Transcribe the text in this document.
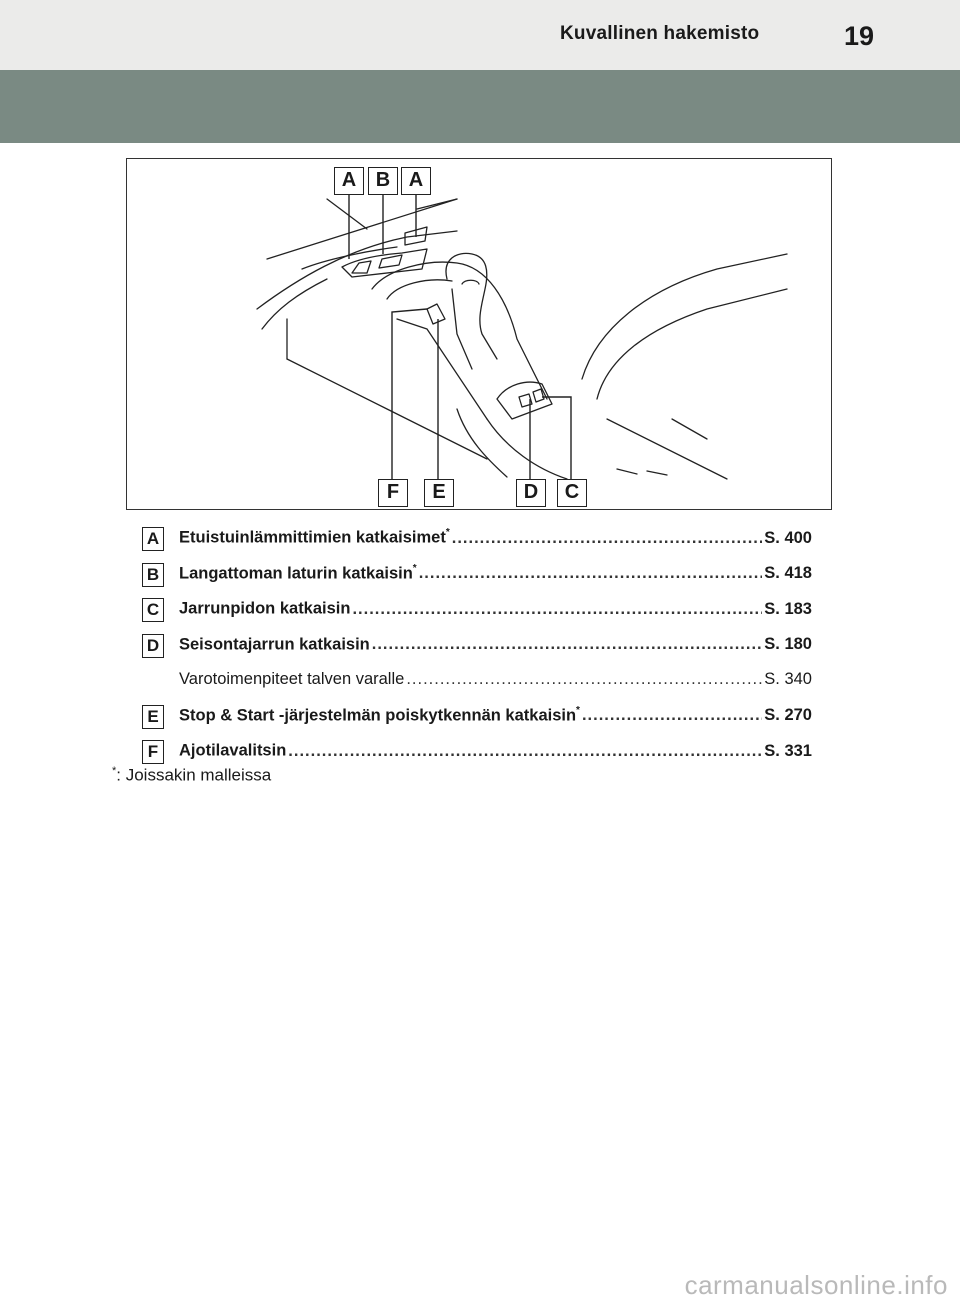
Kuvallinen hakemisto	19
A B A
F	E	D	C
A Etuistuinlämmittimien katkaisimet* .....	S. 400
B Langattoman laturin katkaisin* .....	S. 418
C Jarrunpidon katkaisin .....	S. 183
D Seisontajarrun katkaisin .....	S. 180
Varotoimenpiteet talven varalle .....	S. 340
E	Stop & Start -järjestelmän poiskytkennän katkaisin* .....	S. 270
F	Ajotilavalitsin .....	S. 331
*: Joissakin malleissa
carmanualsonline.info
